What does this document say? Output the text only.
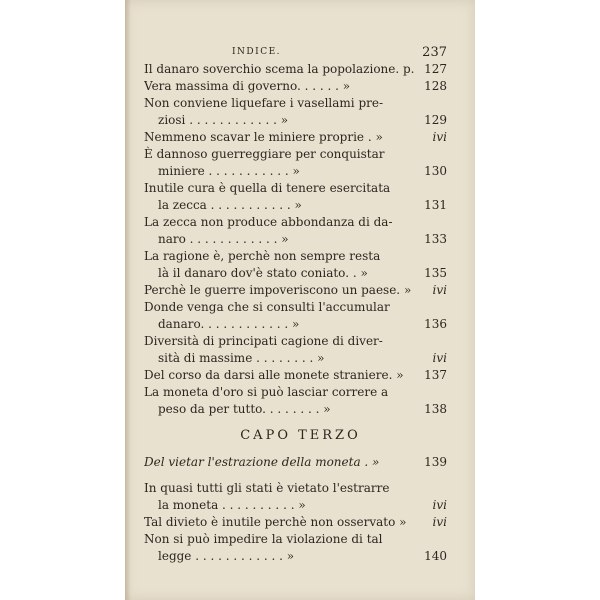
INDICE.	237
Il danaro soverchio scema la popolazione. p. 127
Vera massima di governo. . . . . . »	128
Non conviene liquefare i vasellami pre-
ziosi . . . . . . . . . . . . »	129
Nemmeno scavar le miniere proprie . »	ivi
È dannoso guerreggiare per conquistar
miniere . . . . . . . . . . . »	130
Inutile cura è quella di tenere esercitata
la zecca . . . . . . . . . . . »	131
La zecca non produce abbondanza di da-
naro . . . . . . . . . . . . »	133
La ragione è, perchè non sempre resta
là il danaro dov'è stato coniato. . »	135
Perchè le guerre impoveriscono un paese. » ivi
Donde venga che si consulti l'accumular
danaro. . . . . . . . . . . . »	136
Diversità di principati cagione di diver-
sità di massime . . . . . . . . »	ivi
Del corso da darsi alle monete straniere. » 137
La moneta d'oro si può lasciar correre a
peso da per tutto. . . . . . . . »	138
CAPO TERZO
Del vietar l'estrazione della moneta . »	139
In quasi tutti gli stati è vietato l'estrarre
la moneta . . . . . . . . . . »	ivi
Tal divieto è inutile perchè non osservato » ivi
Non si può impedire la violazione di tal
legge . . . . . . . . . . . . »	140
